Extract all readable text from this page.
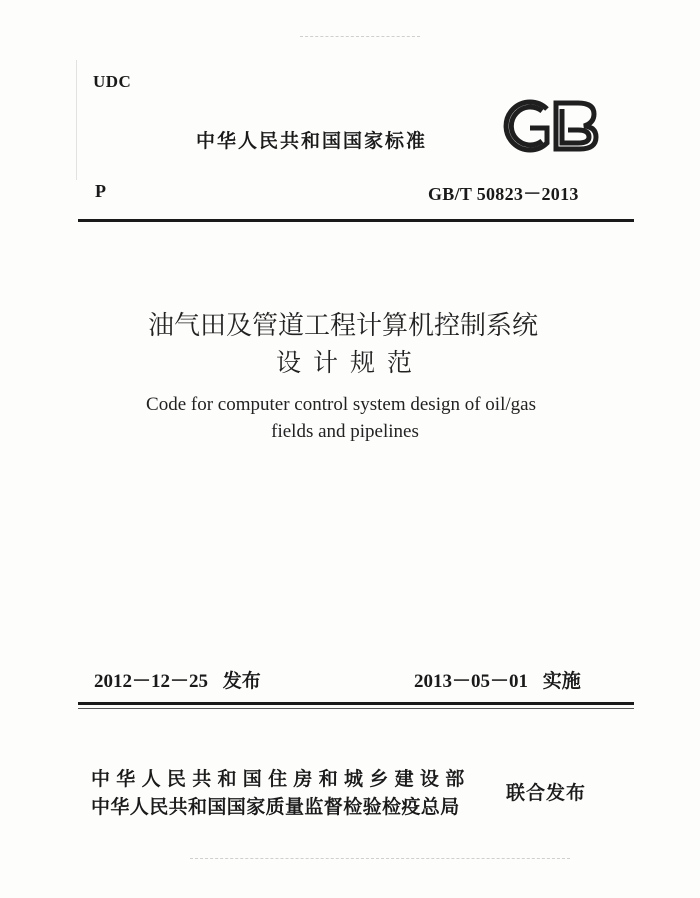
UDC
中华人民共和国国家标准
P	GB/T 50823－2013
油气田及管道工程计算机控制系统
设计规范
Code for computer control system design of oil/gas
fields and pipelines
2012－12－25 发布	2013－05－01 实施
中华人民共和国住房和城乡建设部
中华人民共和国国家质量监督检验检疫总局
联合发布
